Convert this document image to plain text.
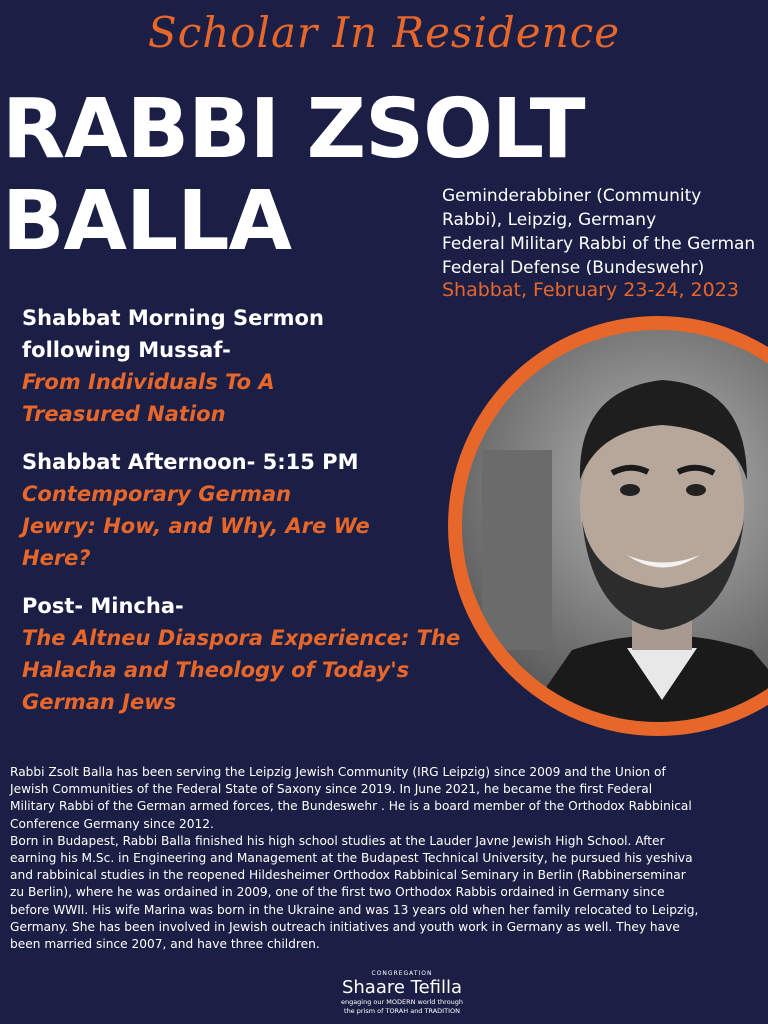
Scholar In Residence
RABBI ZSOLT
BALLA	Geminderabbiner (Community
Rabbi), Leipzig, Germany
Federal Military Rabbi of the German
Federal Defense (Bundeswehr)
Shabbat, February 23-24, 2023
Shabbat Morning Sermon
following Mussaf-
From Individuals To A
Treasured Nation
Shabbat Afternoon- 5:15 PM
Contemporary German
Jewry: How, and Why, Are We
Here?
Post- Mincha-
The Altneu Diaspora Experience: The
Halacha and Theology of Today's
German Jews

Rabbi Zsolt Balla has been serving the Leipzig Jewish Community (IRG Leipzig) since 2009 and the Union of

Jewish Communities of the Federal State of Saxony since 2019. In June 2021, he became the first Federal

Military Rabbi of the German armed forces, the Bundeswehr . He is a board member of the Orthodox Rabbinical

Conference Germany since 2012.

Born in Budapest, Rabbi Balla finished his high school studies at the Lauder Javne Jewish High School. After

earning his M.Sc. in Engineering and Management at the Budapest Technical University, he pursued his yeshiva

and rabbinical studies in the reopened Hildesheimer Orthodox Rabbinical Seminary in Berlin (Rabbinerseminar

zu Berlin), where he was ordained in 2009, one of the first two Orthodox Rabbis ordained in Germany since

before WWII. His wife Marina was born in the Ukraine and was 13 years old when her family relocated to Leipzig,

Germany. She has been involved in Jewish outreach initiatives and youth work in Germany as well. They have

been married since 2007, and have three children.

CONGREGATION
Shaare Tefilla
engaging our MODERN world through
the prism of TORAH and TRADITION
